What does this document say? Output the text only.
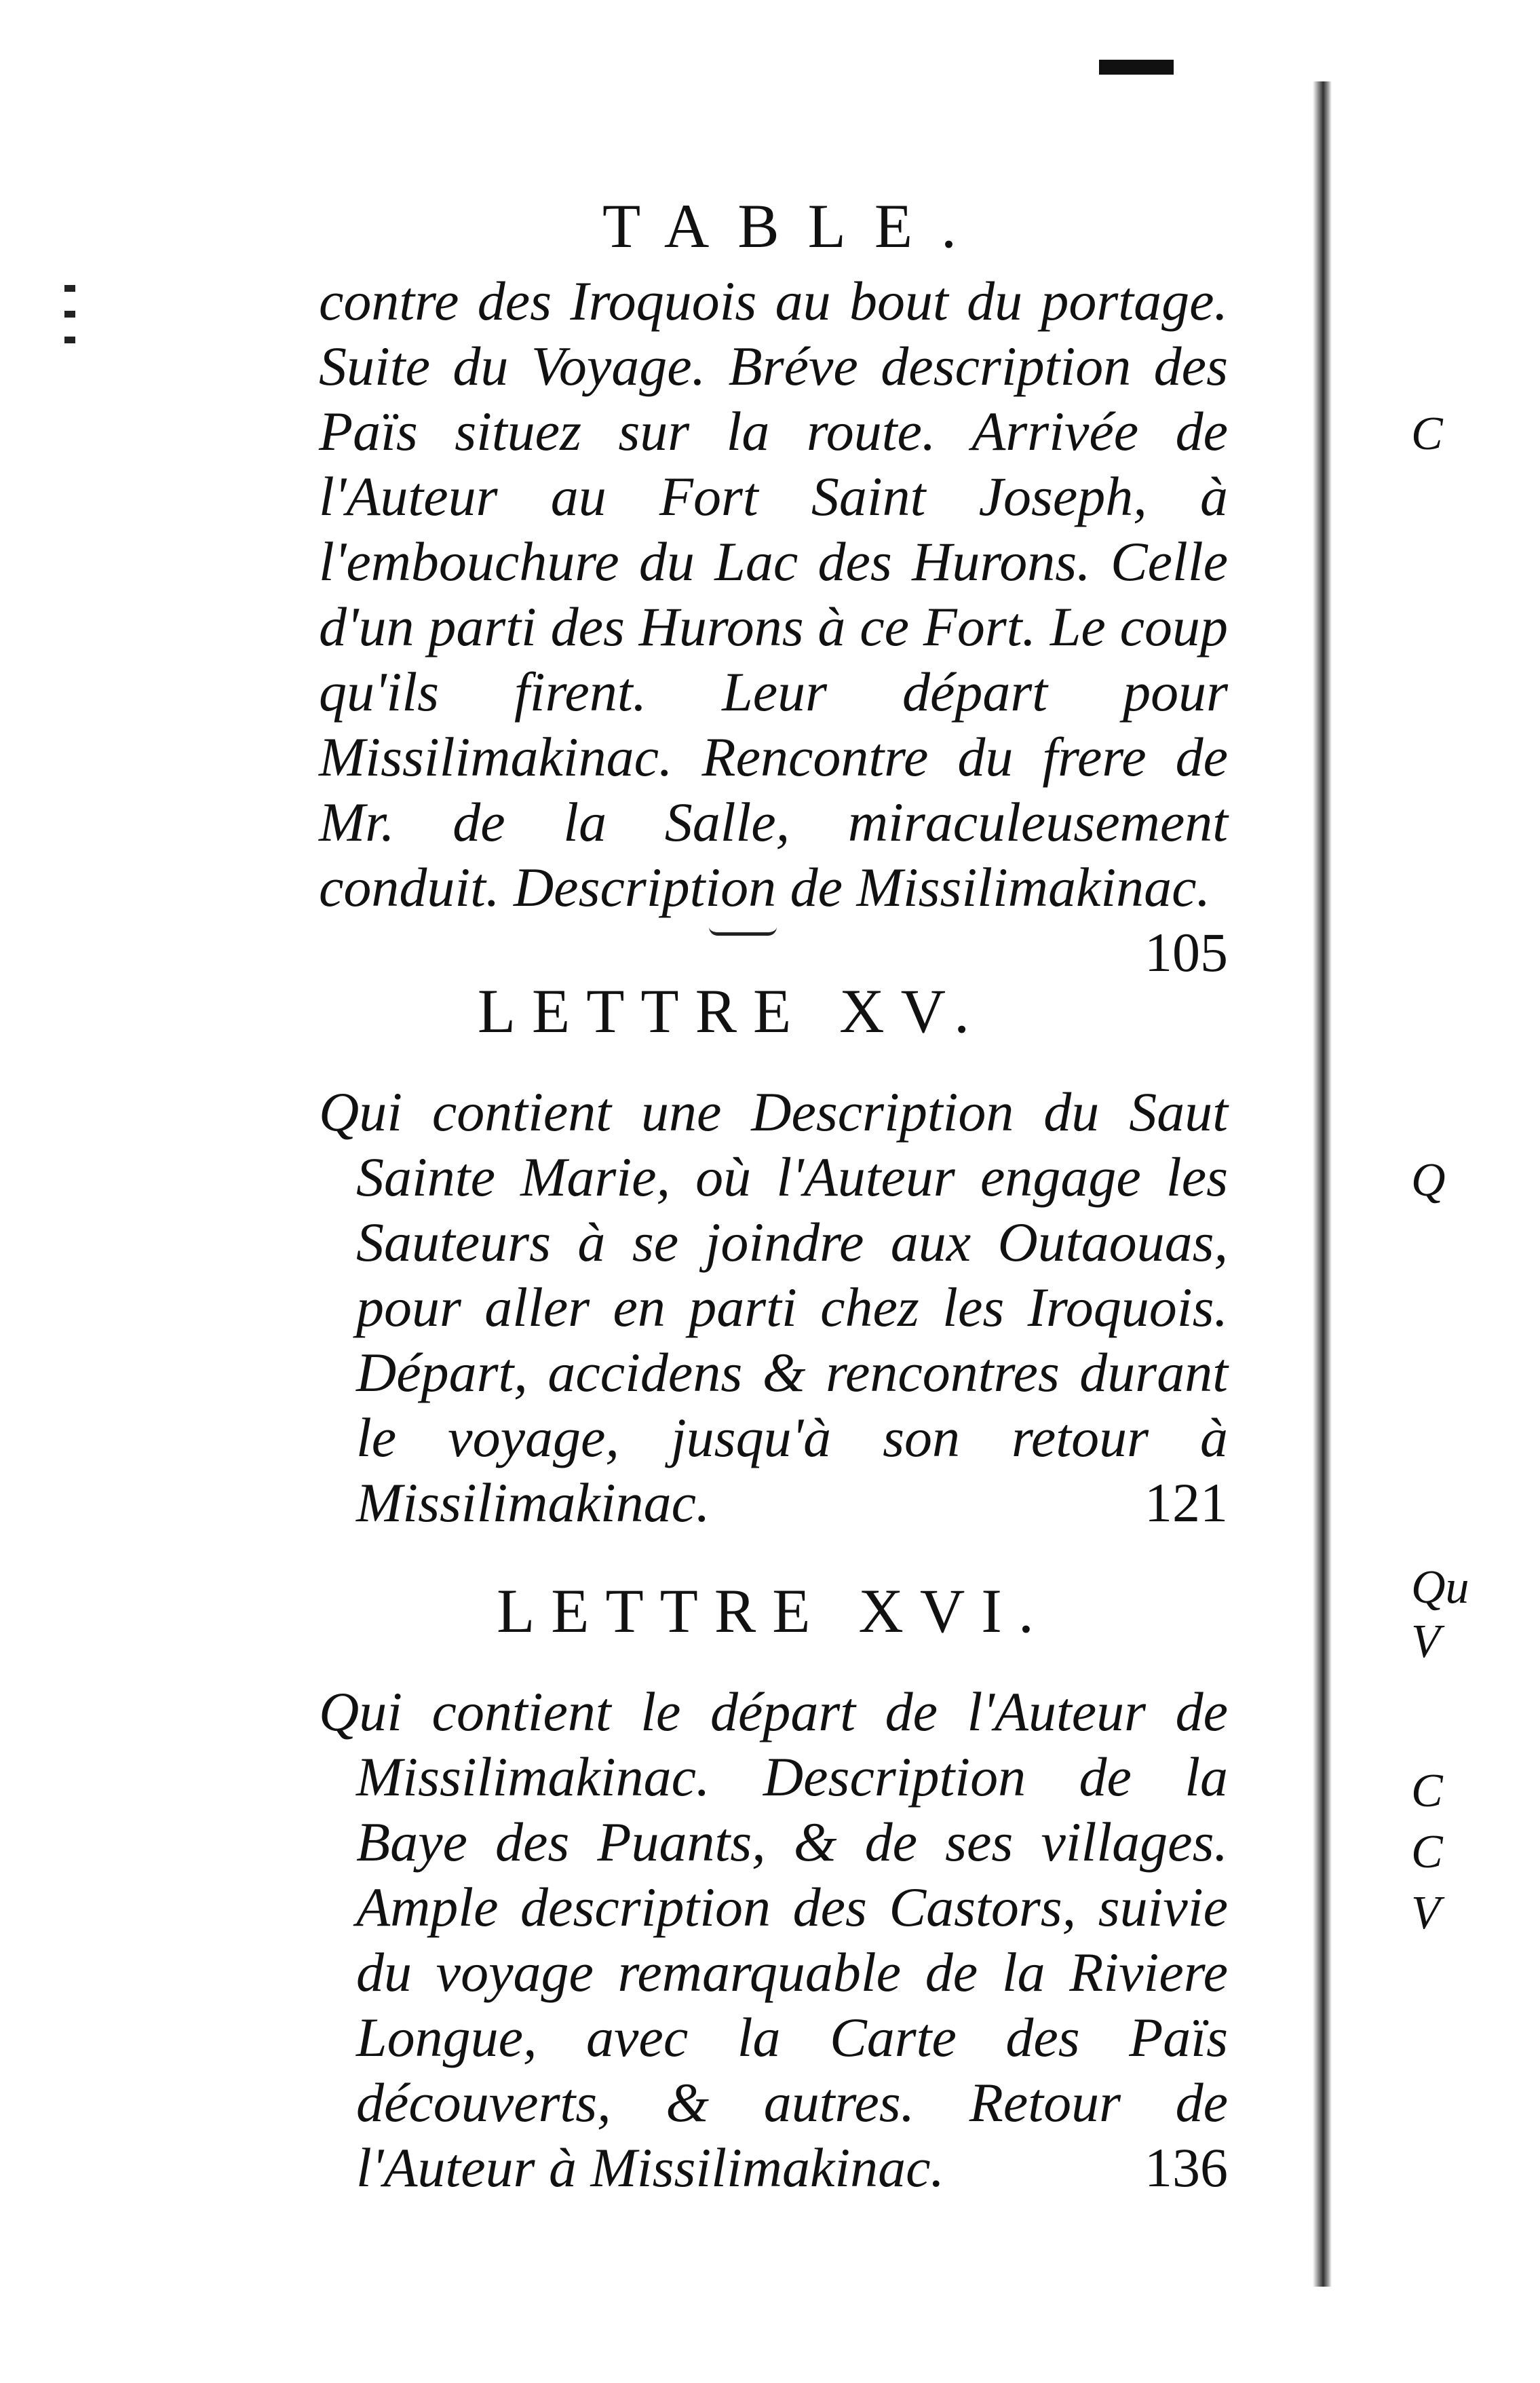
C
Q
Qu
V
C
C
V
TABLE.

contre des Iroquois au bout du portage. Suite du Voyage. Bréve description des Païs situez sur la route. Arrivée de l'Auteur au Fort Saint Joseph, à l'embouchure du Lac des Hurons. Celle d'un parti des Hurons à ce Fort. Le coup qu'ils firent. Leur départ pour Missilimakinac. Rencontre du frere de Mr. de la Salle, miraculeusement conduit. Description de Missilimakinac.
105

LETTRE XV.

Qui contient une Description du Saut Sainte Marie, où l'Auteur engage les Sauteurs à se joindre aux Outaouas, pour aller en parti chez les Iroquois. Départ, accidens & rencontres durant le voyage, jusqu'à son retour à Missilimakinac.	121

LETTRE XVI.

Qui contient le départ de l'Auteur de Missilimakinac. Description de la Baye des Puants, & de ses villages. Ample description des Castors, suivie du voyage remarquable de la Riviere Longue, avec la Carte des Païs découverts, & autres. Retour de l'Auteur à Missilimakinac.	136
